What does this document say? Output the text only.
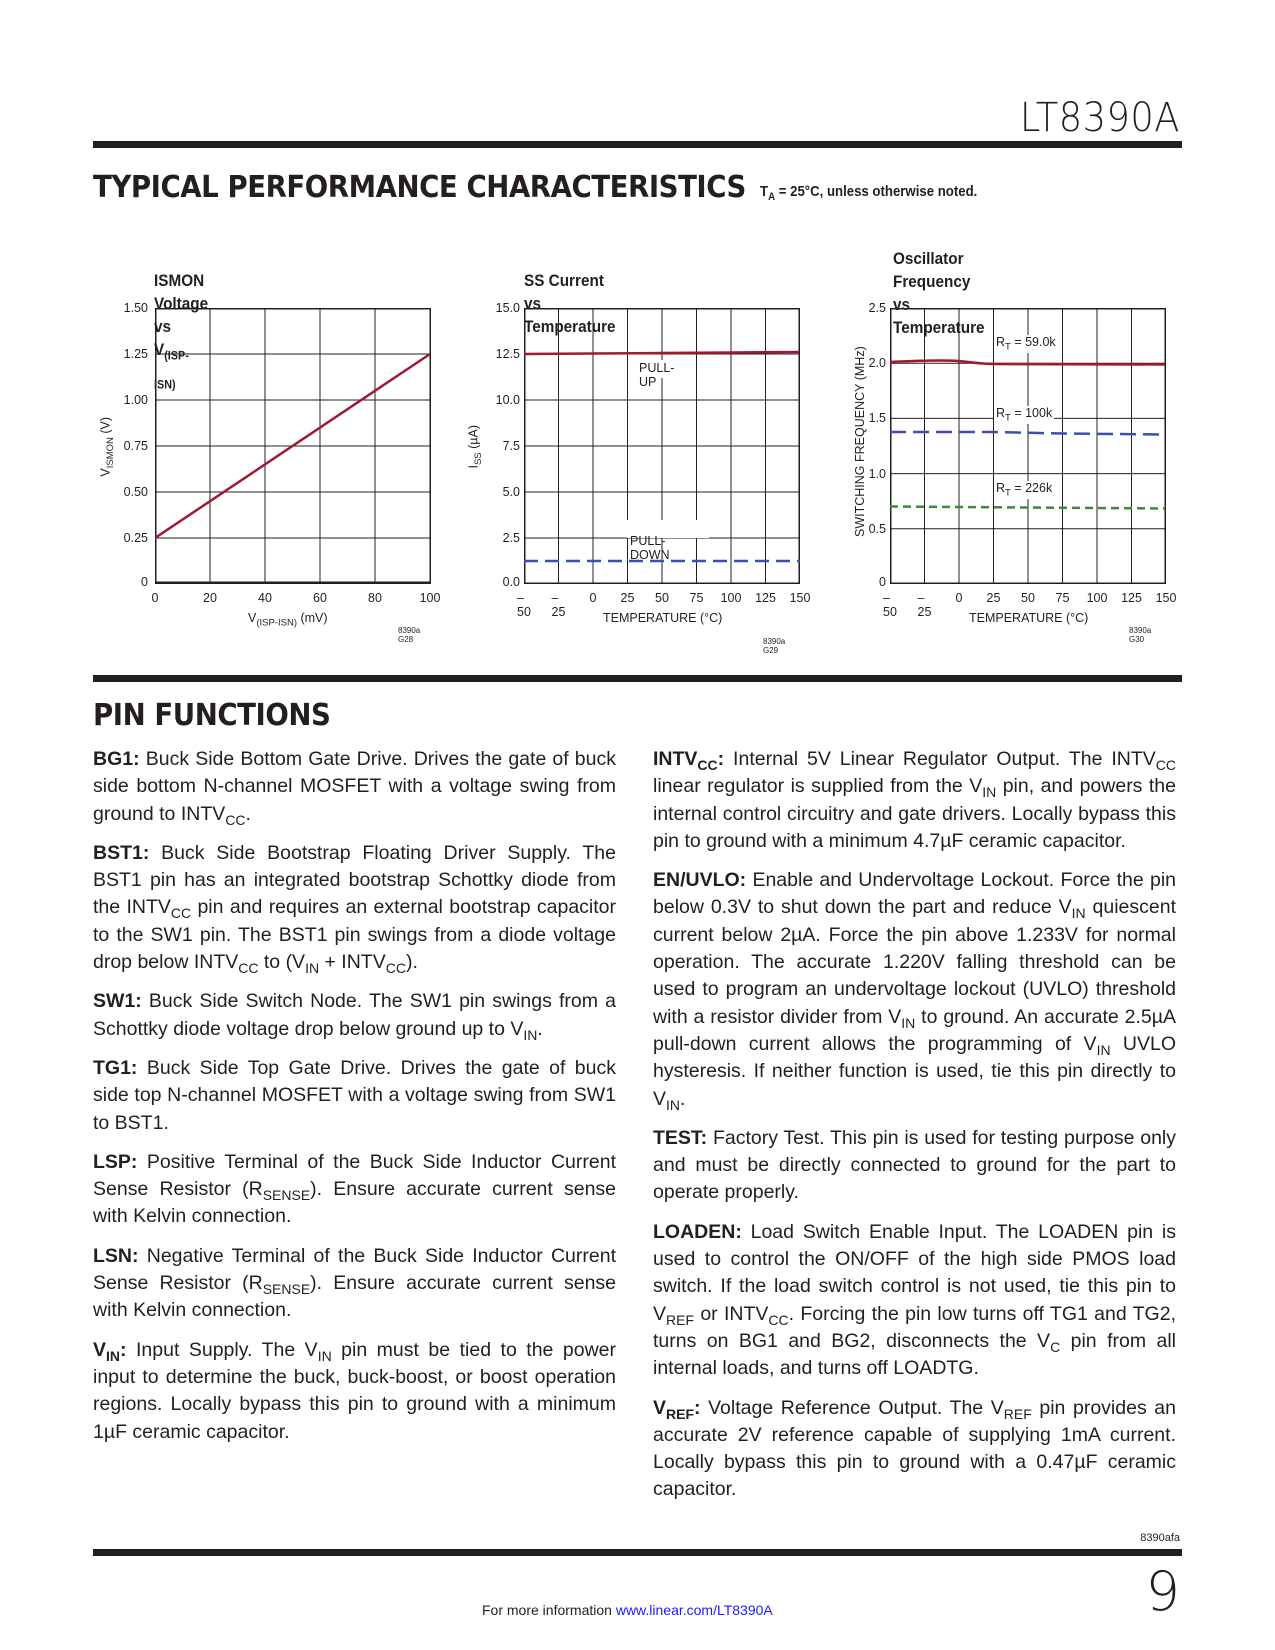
LT8390A
TYPICAL PERFORMANCE CHARACTERISTICS $T_A = 25^\circ C$, unless otherwise noted.
ISMON Voltage vs $V_{(ISP-ISN)}$
1.50
1.25
1.00
0.75
0.50
0.25
0
0	20	40	60	80	100
$V_{(ISP-ISN)}$ (mV)
$V_{ISMON}$ (V)
8390a G28
SS Current vs Temperature
PULL-UP
PULL-DOWN
15.0
12.5
10.0
7.5
5.0
2.5
0.0
–50
–25
0 25 50 75 100 125 150
TEMPERATURE (°C)
$I_{SS}$ (µA)
8390a G29
Oscillator Frequency
vs Temperature
$R_T = 59.0k$
$R_T = 100k$
$R_T = 226k$
2.5
2.0
1.5
1.0
0.5
0
–50
–25
0 25 50 75 100 125 150
TEMPERATURE (°C)
SWITCHING FREQUENCY (MHz)
8390a G30
PIN FUNCTIONS

BG1: Buck Side Bottom Gate Drive. Drives the gate of buck side bottom N-channel MOSFET with a voltage swing from ground to $INTV_{CC}$.

BST1: Buck Side Bootstrap Floating Driver Supply. The BST1 pin has an integrated bootstrap Schottky diode from the $INTV_{CC}$ pin and requires an external bootstrap capacitor to the SW1 pin. The BST1 pin swings from a diode voltage drop below $INTV_{CC}$ to ($V_{IN}$ + $INTV_{CC}$).

SW1: Buck Side Switch Node. The SW1 pin swings from a Schottky diode voltage drop below ground up to $V_{IN}$.

TG1: Buck Side Top Gate Drive. Drives the gate of buck side top N-channel MOSFET with a voltage swing from SW1 to BST1.

LSP: Positive Terminal of the Buck Side Inductor Current Sense Resistor $(R_{SENSE})$. Ensure accurate current sense with Kelvin connection.

LSN: Negative Terminal of the Buck Side Inductor Current Sense Resistor $(R_{SENSE})$. Ensure accurate current sense with Kelvin connection.

$V_{IN}$: Input Supply. The $V_{IN}$ pin must be tied to the power input to determine the buck, buck-boost, or boost operation regions. Locally bypass this pin to ground with a minimum 1µF ceramic capacitor.

$INTV_{CC}$: Internal 5V Linear Regulator Output. The $INTV_{CC}$ linear regulator is supplied from the $V_{IN}$ pin, and powers the internal control circuitry and gate drivers. Locally bypass this pin to ground with a minimum 4.7µF ceramic capacitor.

EN/UVLO: Enable and Undervoltage Lockout. Force the pin below 0.3V to shut down the part and reduce $V_{IN}$ quiescent current below 2µA. Force the pin above 1.233V for normal operation. The accurate 1.220V falling threshold can be used to program an undervoltage lockout (UVLO) threshold with a resistor divider from $V_{IN}$ to ground. An accurate 2.5µA pull-down current allows the programming of $V_{IN}$ UVLO hysteresis. If neither function is used, tie this pin directly to $V_{IN}$.

TEST: Factory Test. This pin is used for testing purpose only and must be directly connected to ground for the part to operate properly.

LOADEN: Load Switch Enable Input. The LOADEN pin is used to control the ON/OFF of the high side PMOS load switch. If the load switch control is not used, tie this pin to $V_{REF}$ or $INTV_{CC}$. Forcing the pin low turns off TG1 and TG2, turns on BG1 and BG2, disconnects the $V_C$ pin from all internal loads, and turns off LOADTG.

$V_{REF}$: Voltage Reference Output. The $V_{REF}$ pin provides an accurate 2V reference capable of supplying 1mA current. Locally bypass this pin to ground with a 0.47µF ceramic capacitor.

8390afa
9
For more information www.linear.com/LT8390A
